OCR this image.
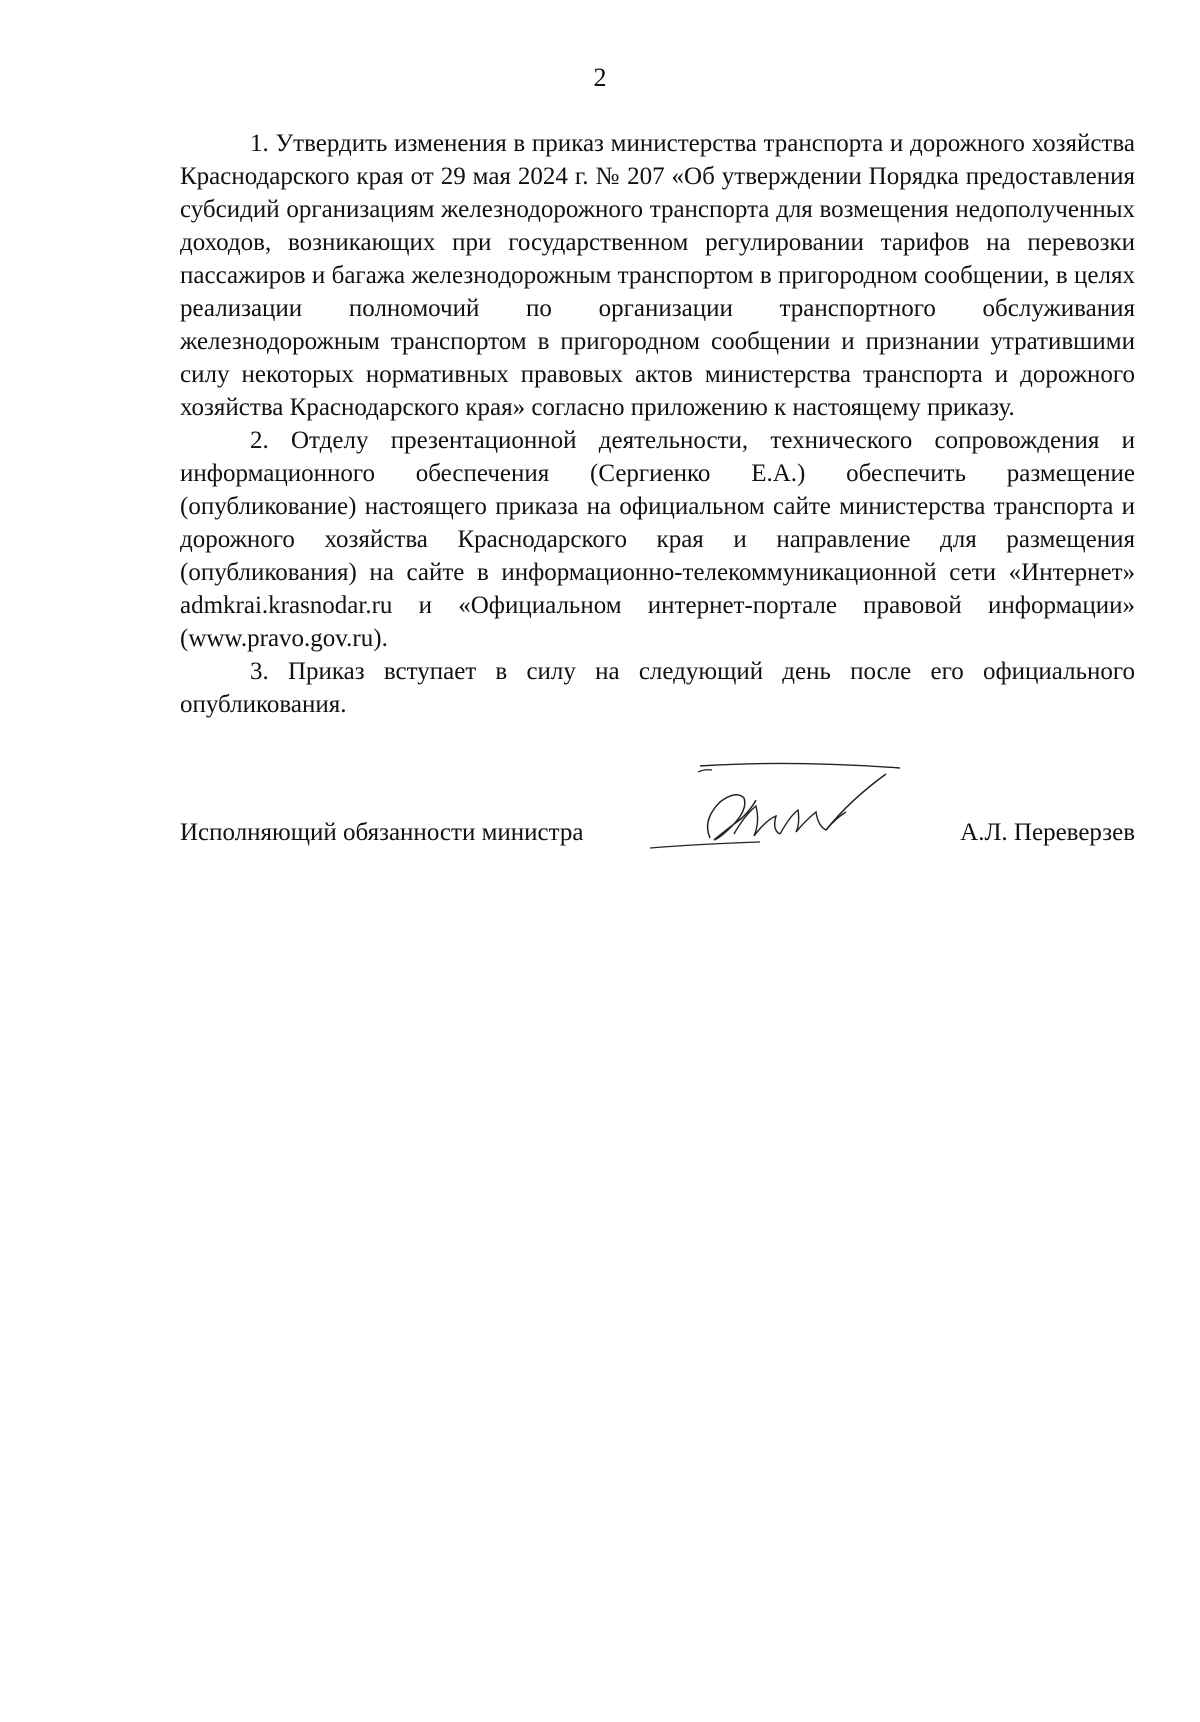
2

1. Утвердить изменения в приказ министерства транспорта и дорожного хозяйства Краснодарского края от 29 мая 2024 г. № 207 «Об утверждении Порядка предоставления субсидий организациям железнодорожного транспорта для возмещения недополученных доходов, возникающих при государственном регулировании тарифов на перевозки пассажиров и багажа железнодорожным транспортом в пригородном сообщении, в целях реализации полномочий по организации транспортного обслуживания железнодорожным транспортом в пригородном сообщении и признании утратившими силу некоторых нормативных правовых актов министерства транспорта и дорожного хозяйства Краснодарского края» согласно приложению к настоящему приказу.

2. Отделу презентационной деятельности, технического сопровождения и информационного обеспечения (Сергиенко Е.А.) обеспечить размещение (опубликование) настоящего приказа на официальном сайте министерства транспорта и дорожного хозяйства Краснодарского края и направление для размещения (опубликования) на сайте в информационно-телекоммуникационной сети «Интернет» admkrai.krasnodar.ru и «Официальном интернет-портале правовой информации» (www.pravo.gov.ru).

3. Приказ вступает в силу на следующий день после его официального опубликования.

Исполняющий обязанности министра	А.Л. Переверзев
